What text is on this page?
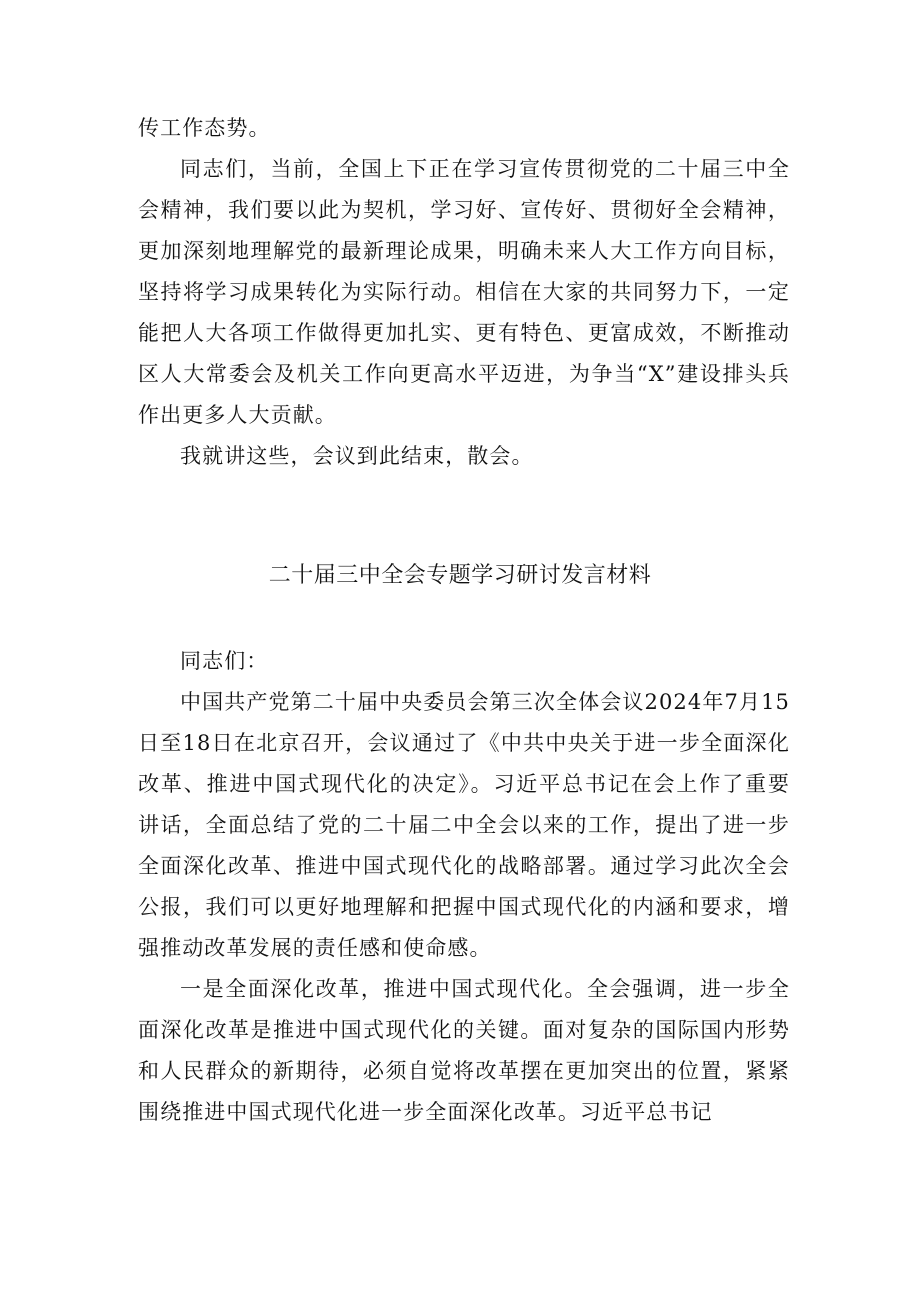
传工作态势。

同志们，当前，全国上下正在学习宣传贯彻党的二十届三中全会精神，我们要以此为契机，学习好、宣传好、贯彻好全会精神，更加深刻地理解党的最新理论成果，明确未来人大工作方向目标，坚持将学习成果转化为实际行动。相信在大家的共同努力下，一定能把人大各项工作做得更加扎实、更有特色、更富成效，不断推动区人大常委会及机关工作向更高水平迈进，为争当“X”建设排头兵作出更多人大贡献。

我就讲这些，会议到此结束，散会。

二十届三中全会专题学习研讨发言材料

同志们：

中国共产党第二十届中央委员会第三次全体会议2024年7月15日至18日在北京召开，会议通过了《中共中央关于进一步全面深化改革、推进中国式现代化的决定》。习近平总书记在会上作了重要讲话，全面总结了党的二十届二中全会以来的工作，提出了进一步全面深化改革、推进中国式现代化的战略部署。通过学习此次全会公报，我们可以更好地理解和把握中国式现代化的内涵和要求，增强推动改革发展的责任感和使命感。

一是全面深化改革，推进中国式现代化。全会强调，进一步全面深化改革是推进中国式现代化的关键。面对复杂的国际国内形势和人民群众的新期待，必须自觉将改革摆在更加突出的位置，紧紧围绕推进中国式现代化进一步全面深化改革。习近平总书记
